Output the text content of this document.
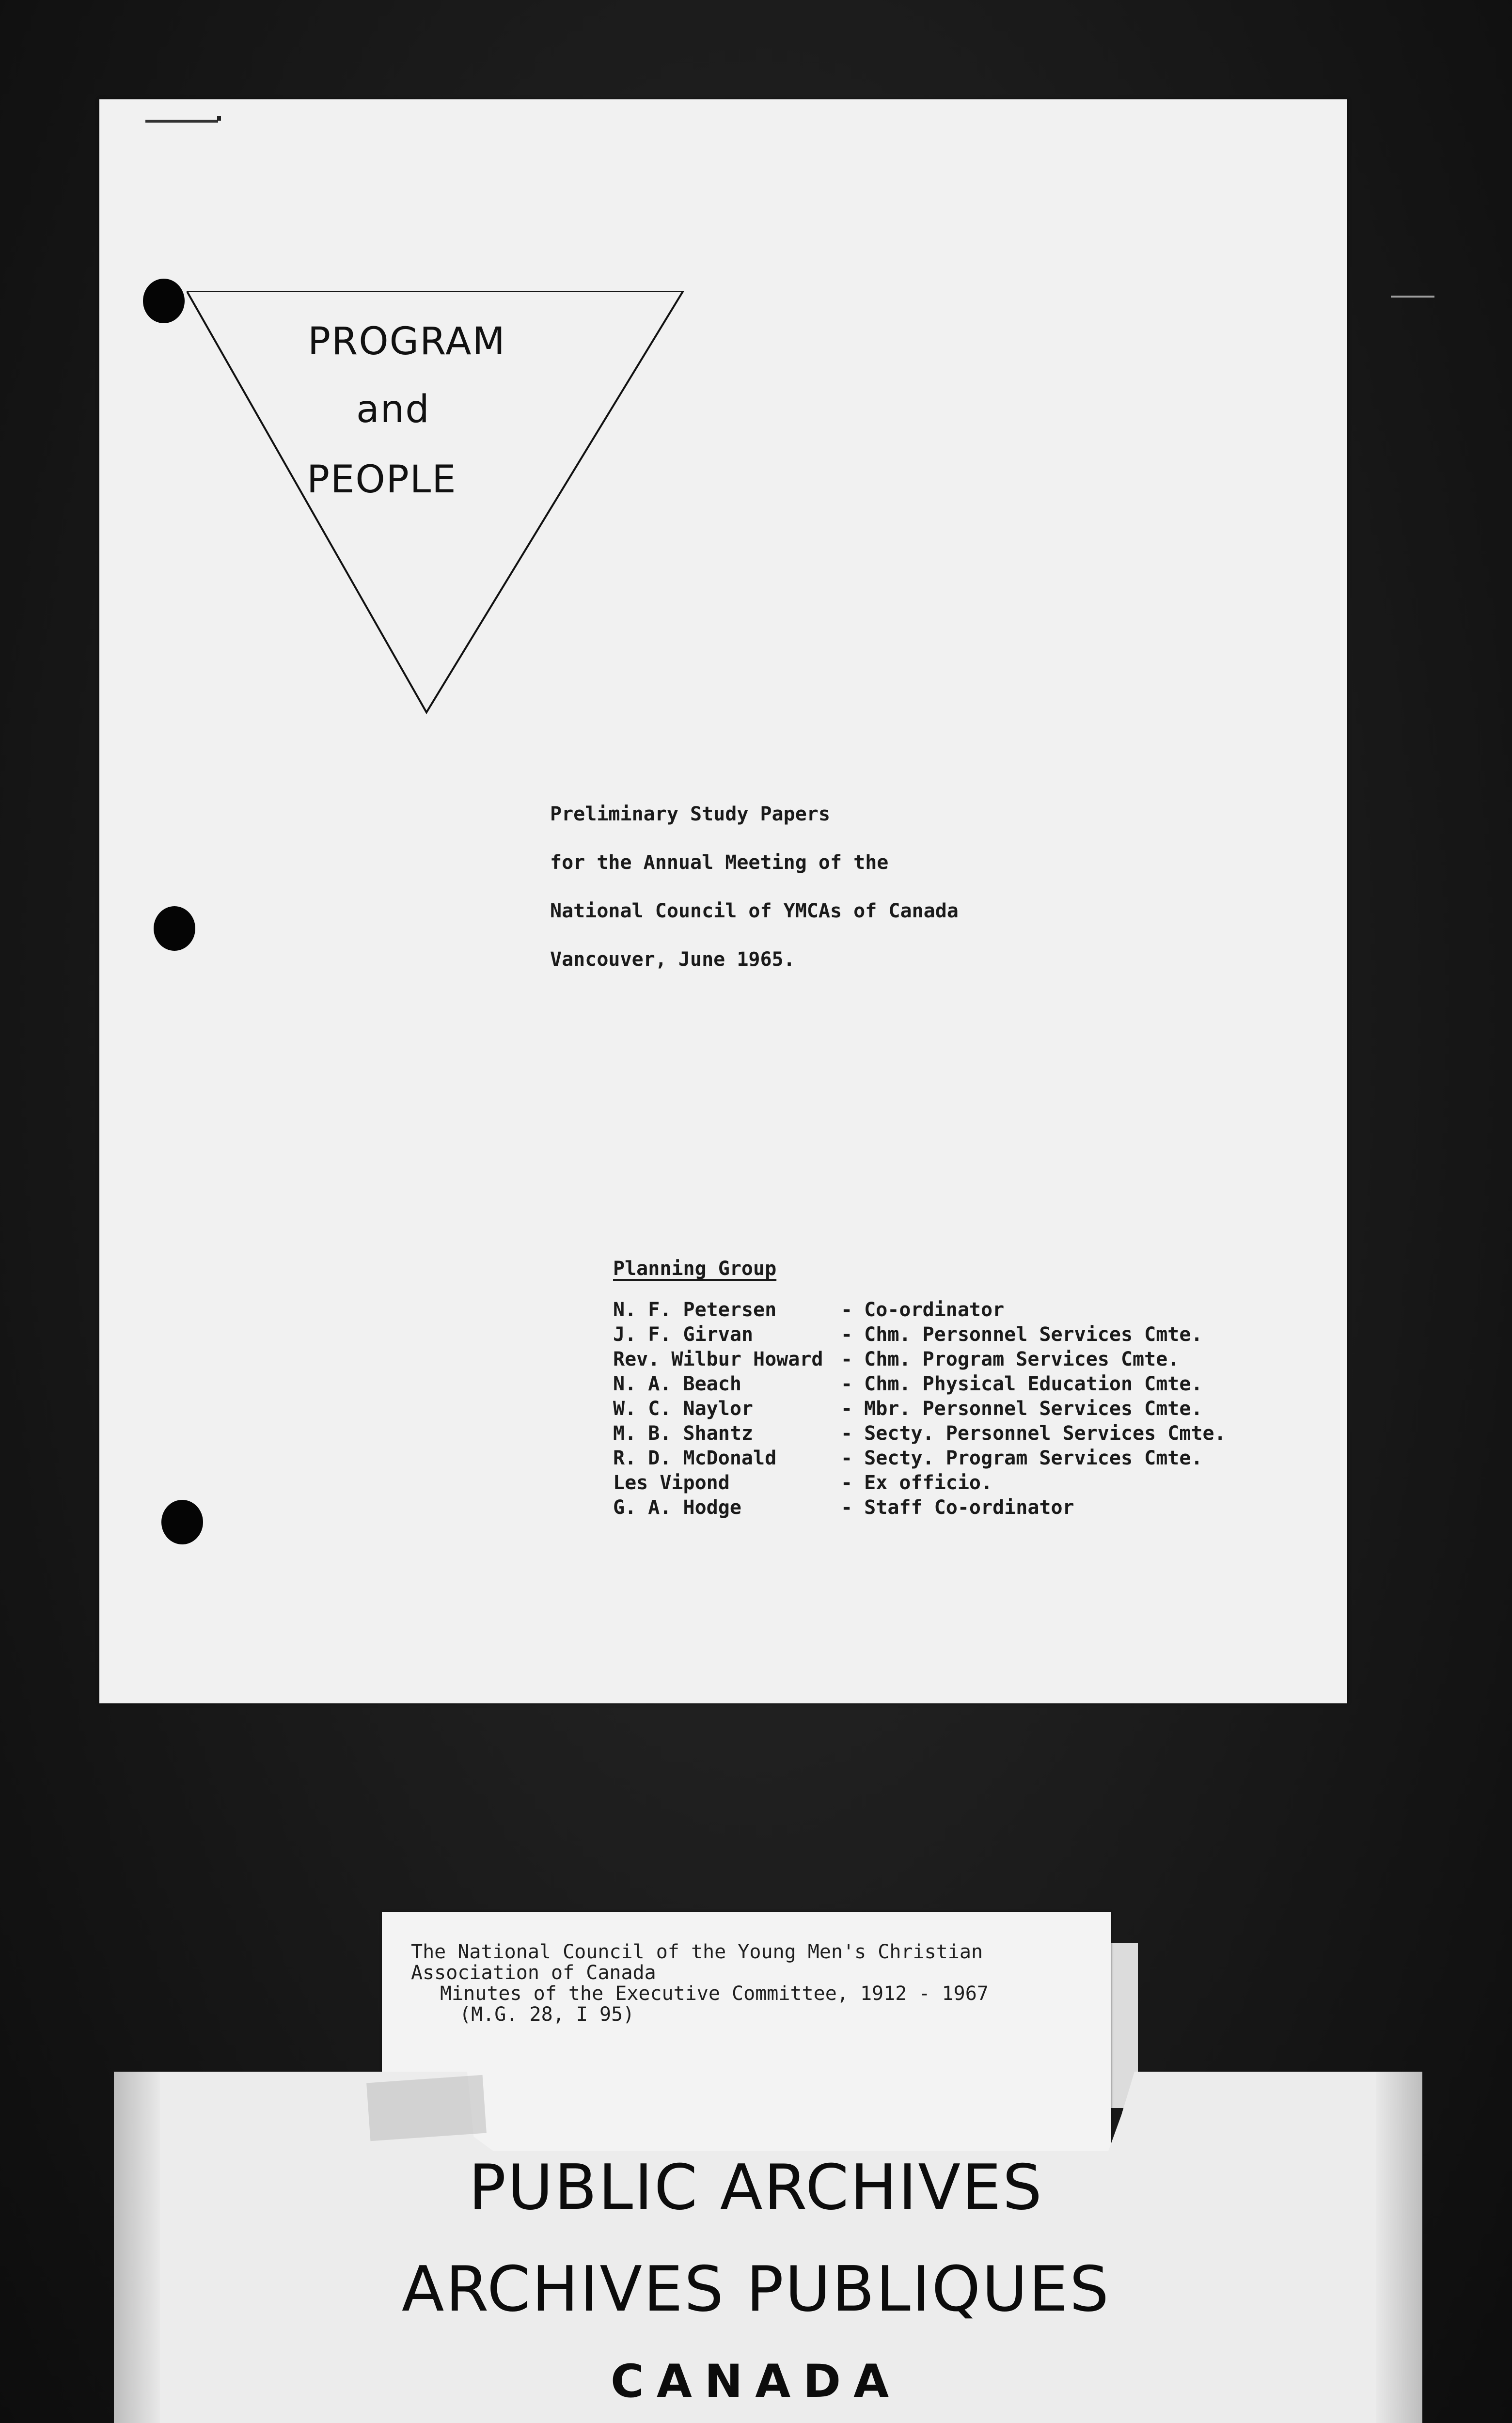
PROGRAM
and
PEOPLE
Preliminary Study Papers
for the Annual Meeting of the
National Council of YMCAs of Canada
Vancouver, June 1965.
Planning Group
N. F. Petersen	- Co-ordinator
J. F. Girvan	- Chm. Personnel Services Cmte.
Rev. Wilbur Howard - Chm. Program Services Cmte.
N. A. Beach	- Chm. Physical Education Cmte.
W. C. Naylor	- Mbr. Personnel Services Cmte.
M. B. Shantz	- Secty. Personnel Services Cmte.
R. D. McDonald	- Secty. Program Services Cmte.
Les Vipond	- Ex officio.
G. A. Hodge	- Staff Co-ordinator
The National Council of the Young Men's Christian
Association of Canada
Minutes of the Executive Committee, 1912 - 1967
(M.G. 28, I 95)
PUBLIC ARCHIVES
ARCHIVES PUBLIQUES
CANADA
